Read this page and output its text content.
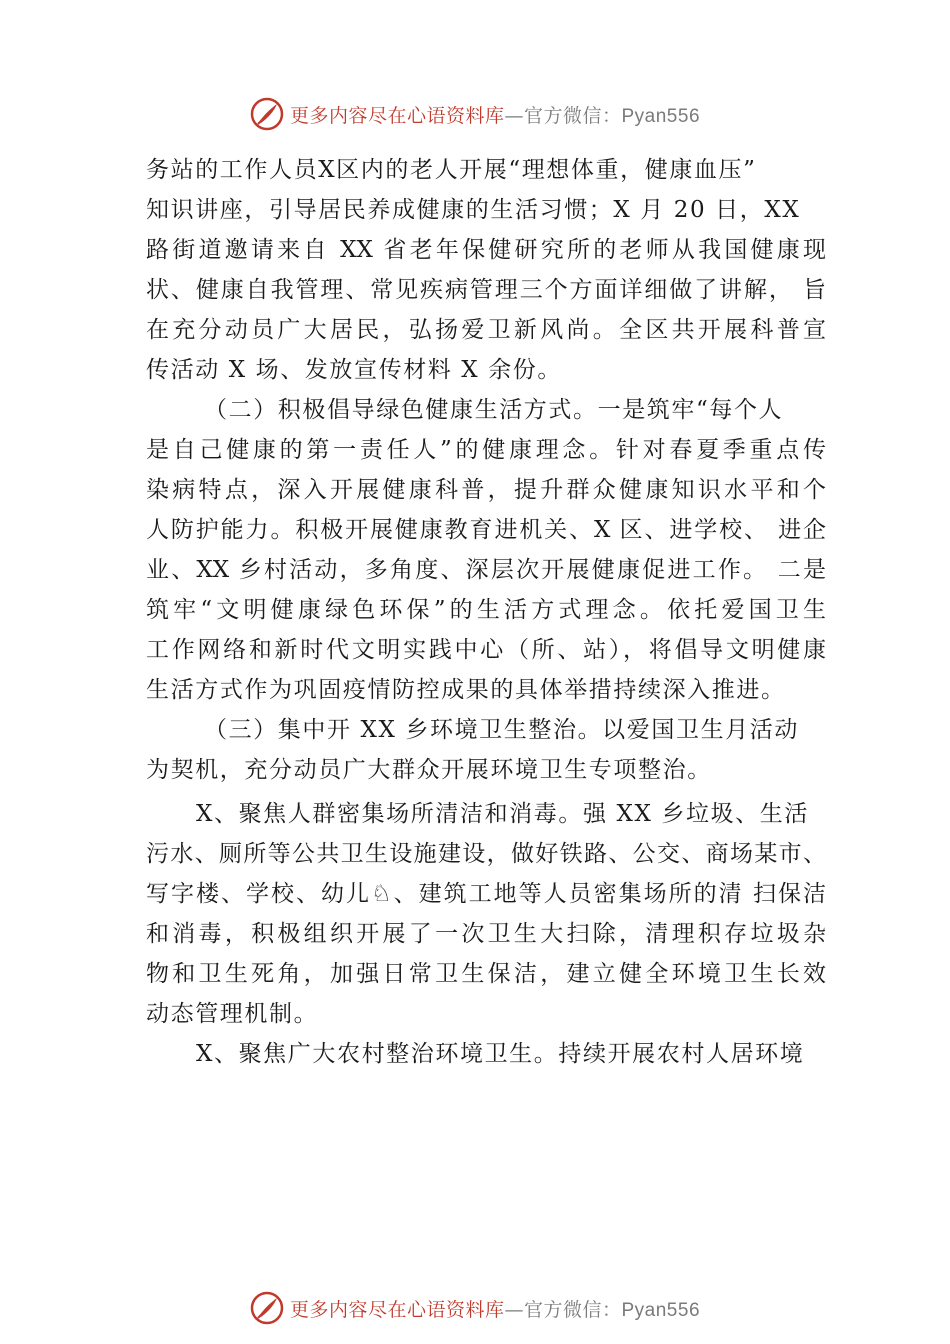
更多内容尽在心语资料库—官方微信：Pyan556
务站的工作人员X区内的老人开展“理想体重，健康血压”
知识讲座，引导居民养成健康的生活习惯；X 月 20 日，XX
路街道邀请来自 XX 省老年保健研究所的老师从我国健康现
状、健康自我管理、常见疾病管理三个方面详细做了讲解， 旨
在充分动员广大居民，弘扬爱卫新风尚。全区共开展科普宣
传活动 X 场、发放宣传材料 X 余份。
（二）积极倡导绿色健康生活方式。一是筑牢“每个人
是自己健康的第一责任人”的健康理念。针对春夏季重点传
染病特点，深入开展健康科普，提升群众健康知识水平和个
人防护能力。积极开展健康教育进机关、X 区、进学校、 进企
业、XX 乡村活动，多角度、深层次开展健康促进工作。 二是
筑牢“文明健康绿色环保”的生活方式理念。依托爱国卫生
工作网络和新时代文明实践中心（所、站），将倡导文明健康
生活方式作为巩固疫情防控成果的具体举措持续深入推进。
（三）集中开 XX 乡环境卫生整治。以爱国卫生月活动
为契机，充分动员广大群众开展环境卫生专项整治。
X、聚焦人群密集场所清洁和消毒。强 XX 乡垃圾、生活
污水、厕所等公共卫生设施建设，做好铁路、公交、商场某市、
写字楼、学校、幼儿♘、建筑工地等人员密集场所的清 扫保洁
和消毒，积极组织开展了一次卫生大扫除，清理积存垃圾杂
物和卫生死角，加强日常卫生保洁，建立健全环境卫生长效
动态管理机制。
X、聚焦广大农村整治环境卫生。持续开展农村人居环境
更多内容尽在心语资料库—官方微信：Pyan556
